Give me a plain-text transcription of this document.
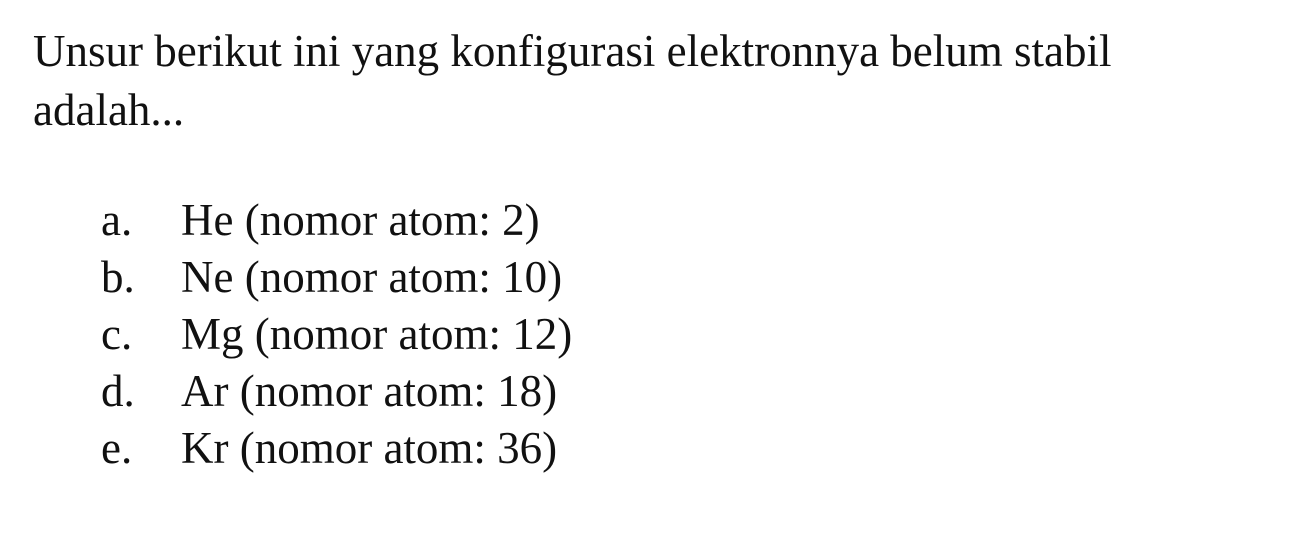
Unsur berikut ini yang konfigurasi elektronnya belum stabil adalah...
a.	He (nomor atom: 2)
b.	Ne (nomor atom: 10)
c.	Mg (nomor atom: 12)
d.	Ar (nomor atom: 18)
e.	Kr (nomor atom: 36)
